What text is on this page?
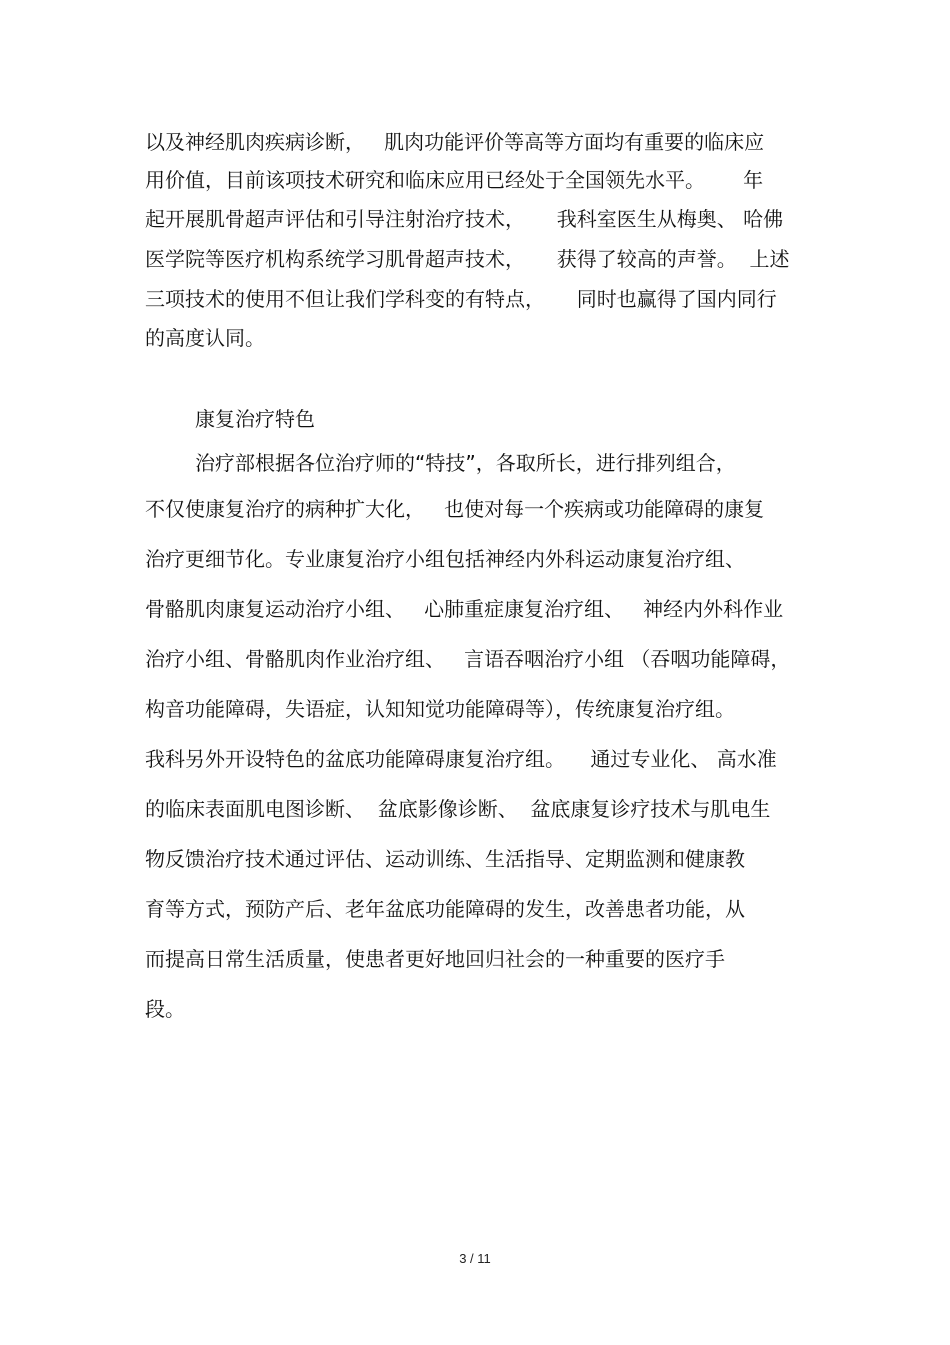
以及神经肌肉疾病诊断，   肌肉功能评价等高等方面均有重要的临床应

用价值，目前该项技术研究和临床应用已经处于全国领先水平。      年

起开展肌骨超声评估和引导注射治疗技术，     我科室医生从梅奥、 哈佛

医学院等医疗机构系统学习肌骨超声技术，     获得了较高的声誉。  上述

三项技术的使用不但让我们学科变的有特点，     同时也赢得了国内同行

的高度认同。

康复治疗特色

治疗部根据各位治疗师的“特技”，各取所长，进行排列组合，

不仅使康复治疗的病种扩大化，   也使对每一个疾病或功能障碍的康复

治疗更细节化。专业康复治疗小组包括神经内外科运动康复治疗组、

骨骼肌肉康复运动治疗小组、   心肺重症康复治疗组、   神经内外科作业

治疗小组、骨骼肌肉作业治疗组、   言语吞咽治疗小组 （吞咽功能障碍，

构音功能障碍，失语症，认知知觉功能障碍等），传统康复治疗组。

我科另外开设特色的盆底功能障碍康复治疗组。    通过专业化、 高水准

的临床表面肌电图诊断、  盆底影像诊断、  盆底康复诊疗技术与肌电生

物反馈治疗技术通过评估、运动训练、生活指导、定期监测和健康教

育等方式，预防产后、老年盆底功能障碍的发生，改善患者功能，从

而提高日常生活质量，使患者更好地回归社会的一种重要的医疗手

段。

3 / 11
